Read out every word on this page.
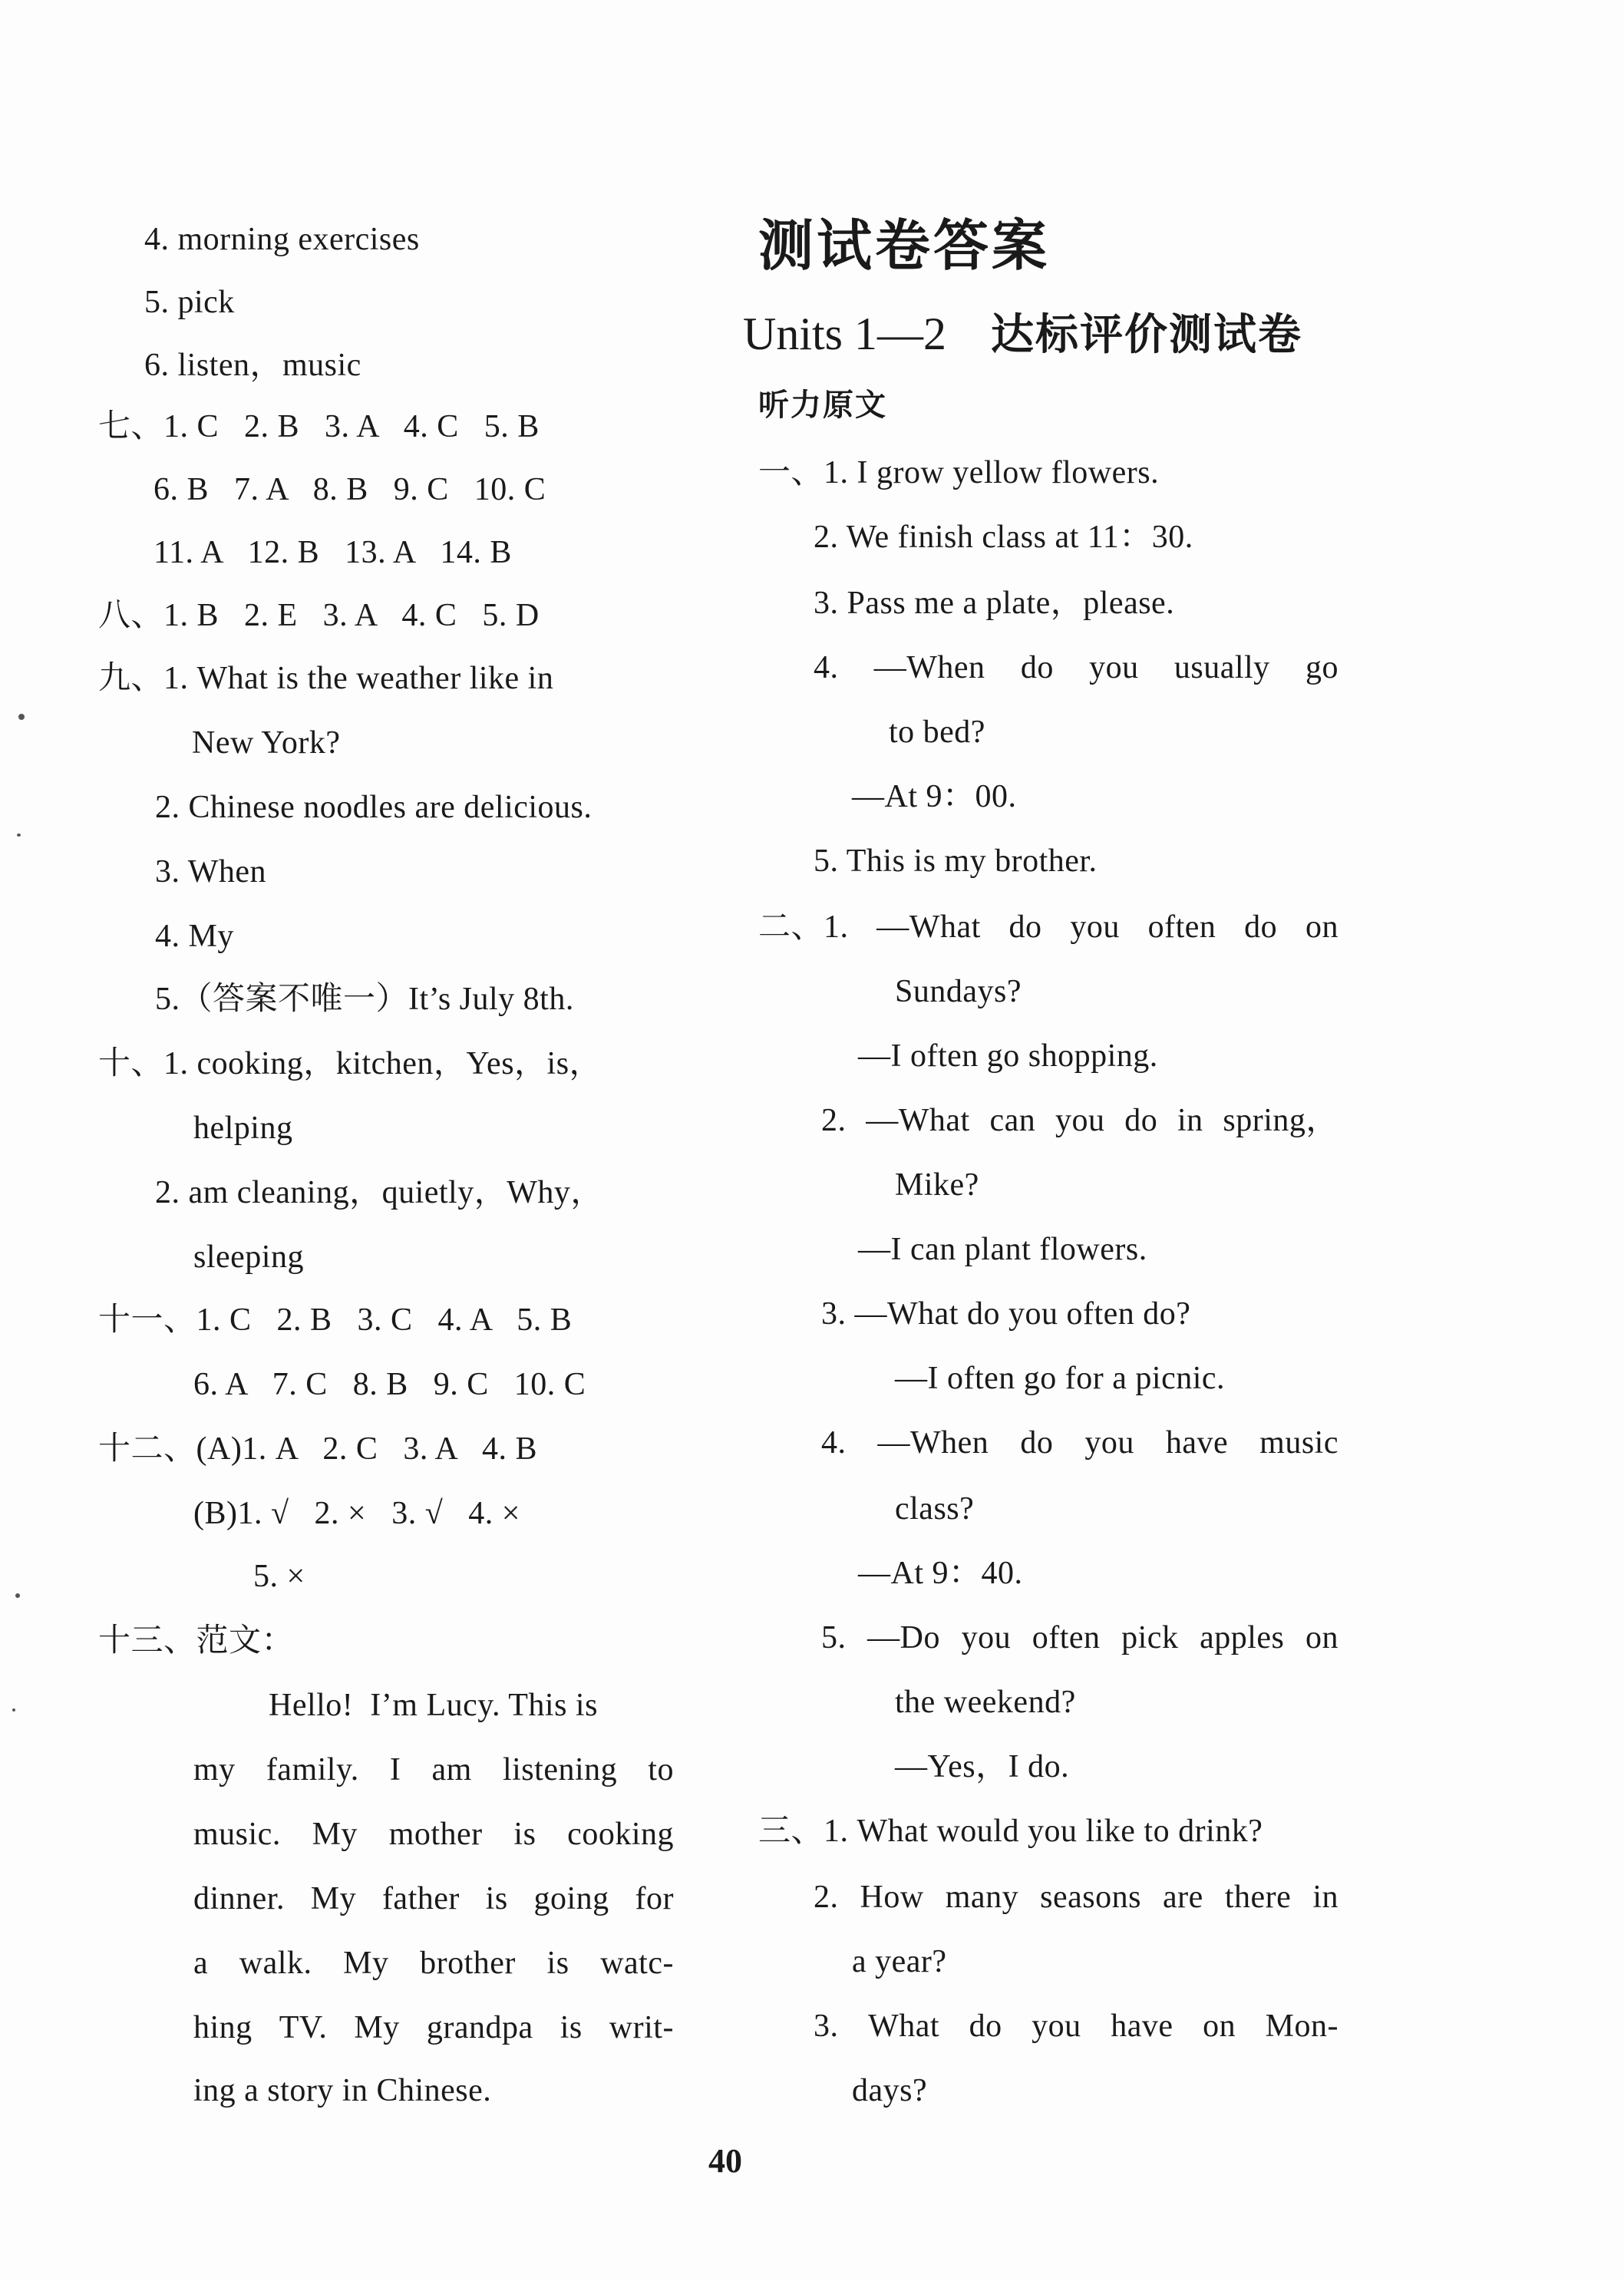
4. morning exercises
5. pick
6. listen，music
七、1. C   2. B   3. A   4. C   5. B
6. B   7. A   8. B   9. C   10. C
11. A   12. B   13. A   14. B
八、1. B   2. E   3. A   4. C   5. D
九、1. What is the weather like in
New York?
2. Chinese noodles are delicious.
3. When
4. My
5.（答案不唯一）It’s July 8th.
十、1. cooking，kitchen，Yes，is，
helping
2. am cleaning，quietly，Why，
sleeping
十一、1. C   2. B   3. C   4. A   5. B
6. A   7. C   8. B   9. C   10. C
十二、(A)1. A   2. C   3. A   4. B
(B)1. √   2. ×   3. √   4. ×
5. ×
十三、范文：
Hello!  I’m Lucy. This is
my family. I am listening to
music. My mother is cooking
dinner. My father is going for
a walk. My brother is watc-
hing TV. My grandpa is writ-
ing a story in Chinese.
测试卷答案
Units 1—2 达标评价测试卷
听力原文
一、1. I grow yellow flowers.
2. We finish class at 11：30.
3. Pass me a plate，please.
4. —When do you usually go
to bed?
—At 9：00.
5. This is my brother.
二、1. —What do you often do on
Sundays?
—I often go shopping.
2. —What can you do in spring，
Mike?
—I can plant flowers.
3. —What do you often do?
—I often go for a picnic.
4. —When do you have music
class?
—At 9：40.
5. —Do you often pick apples on
the weekend?
—Yes，I do.
三、1. What would you like to drink?
2. How many seasons are there in
a year?
3. What do you have on Mon-
days?
40
